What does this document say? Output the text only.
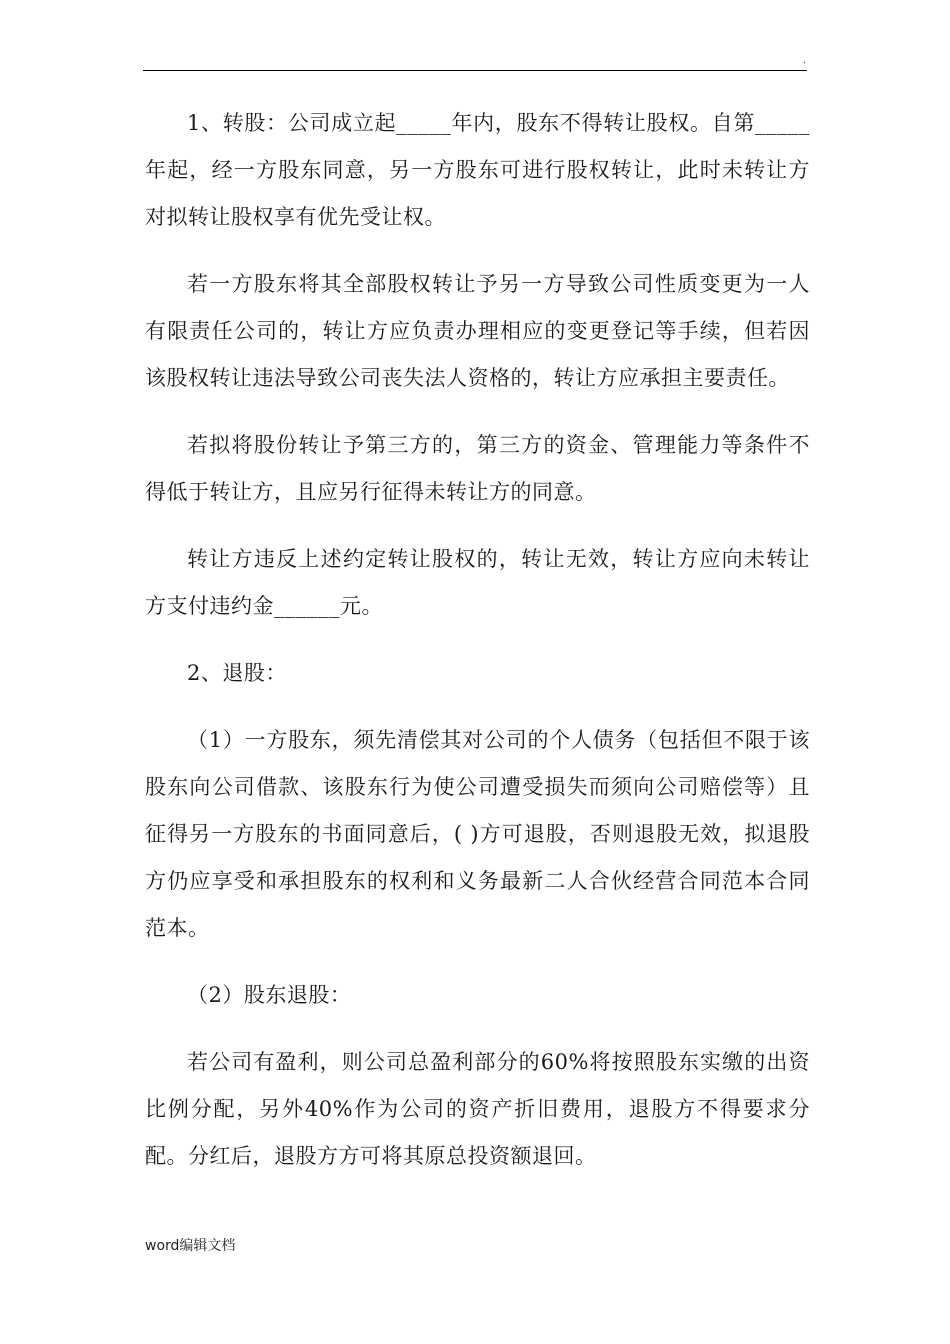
.

1、转股：公司成立起_____年内，股东不得转让股权。自第_____年起，经一方股东同意，另一方股东可进行股权转让，此时未转让方对拟转让股权享有优先受让权。

若一方股东将其全部股权转让予另一方导致公司性质变更为一人有限责任公司的，转让方应负责办理相应的变更登记等手续，但若因该股权转让违法导致公司丧失法人资格的，转让方应承担主要责任。

若拟将股份转让予第三方的，第三方的资金、管理能力等条件不得低于转让方，且应另行征得未转让方的同意。

转让方违反上述约定转让股权的，转让无效，转让方应向未转让方支付违约金______元。

2、退股：

（1）一方股东，须先清偿其对公司的个人债务（包括但不限于该股东向公司借款、该股东行为使公司遭受损失而须向公司赔偿等）且征得另一方股东的书面同意后，( )方可退股，否则退股无效，拟退股方仍应享受和承担股东的权利和义务最新二人合伙经营合同范本合同范本。

（2）股东退股：

若公司有盈利，则公司总盈利部分的60%将按照股东实缴的出资比例分配，另外40%作为公司的资产折旧费用，退股方不得要求分配。分红后，退股方方可将其原总投资额退回。

word编辑文档
